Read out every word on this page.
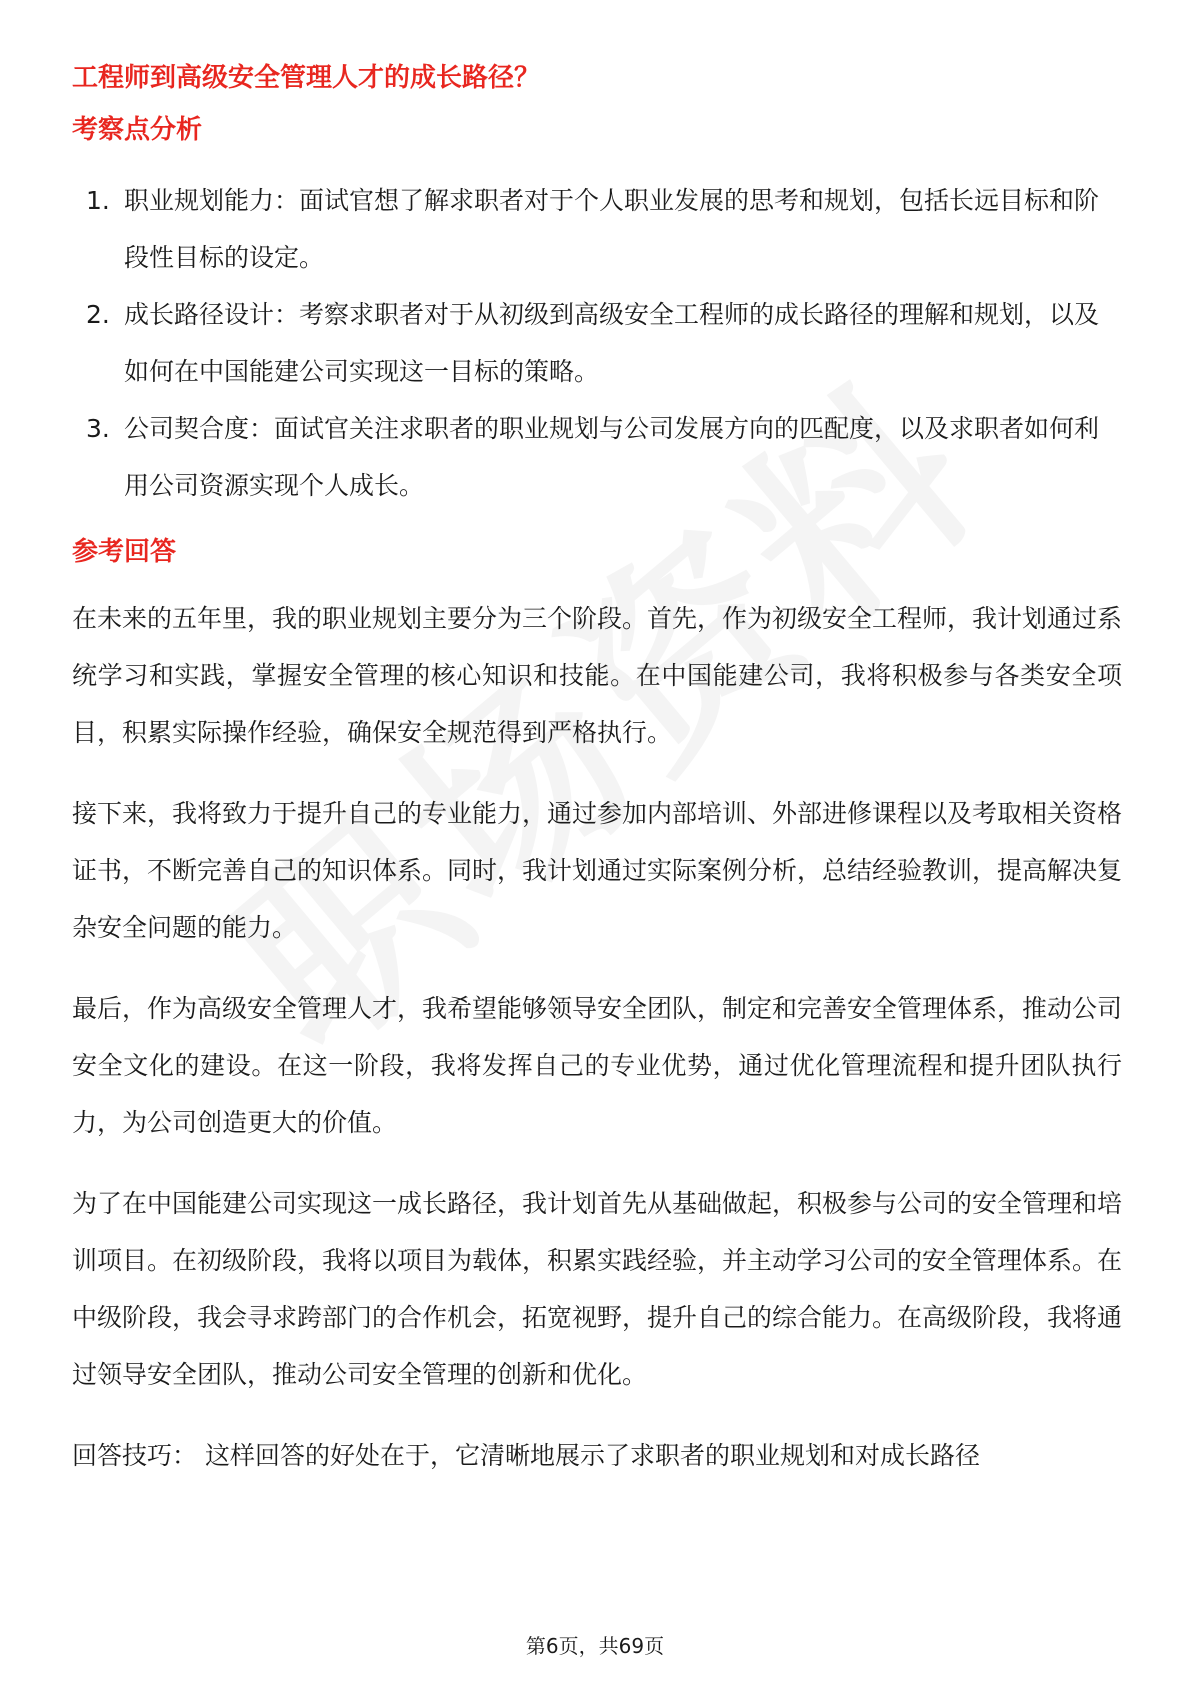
工程师到高级安全管理人才的成长路径？
考察点分析
1. 职业规划能力：面试官想了解求职者对于个人职业发展的思考和规划，包括长远目标和阶段性目标的设定。
2. 成长路径设计：考察求职者对于从初级到高级安全工程师的成长路径的理解和规划，以及如何在中国能建公司实现这一目标的策略。
3. 公司契合度：面试官关注求职者的职业规划与公司发展方向的匹配度，以及求职者如何利用公司资源实现个人成长。
参考回答

在未来的五年里，我的职业规划主要分为三个阶段。首先，作为初级安全工程师，我计划通过系统学习和实践，掌握安全管理的核心知识和技能。在中国能建公司，我将积极参与各类安全项目，积累实际操作经验，确保安全规范得到严格执行。

接下来，我将致力于提升自己的专业能力，通过参加内部培训、外部进修课程以及考取相关资格证书，不断完善自己的知识体系。同时，我计划通过实际案例分析，总结经验教训，提高解决复杂安全问题的能力。

最后，作为高级安全管理人才，我希望能够领导安全团队，制定和完善安全管理体系，推动公司安全文化的建设。在这一阶段，我将发挥自己的专业优势，通过优化管理流程和提升团队执行力，为公司创造更大的价值。

为了在中国能建公司实现这一成长路径，我计划首先从基础做起，积极参与公司的安全管理和培训项目。在初级阶段，我将以项目为载体，积累实践经验，并主动学习公司的安全管理体系。在中级阶段，我会寻求跨部门的合作机会，拓宽视野，提升自己的综合能力。在高级阶段，我将通过领导安全团队，推动公司安全管理的创新和优化。

回答技巧： 这样回答的好处在于，它清晰地展示了求职者的职业规划和对成长路径

第6页，共69页
